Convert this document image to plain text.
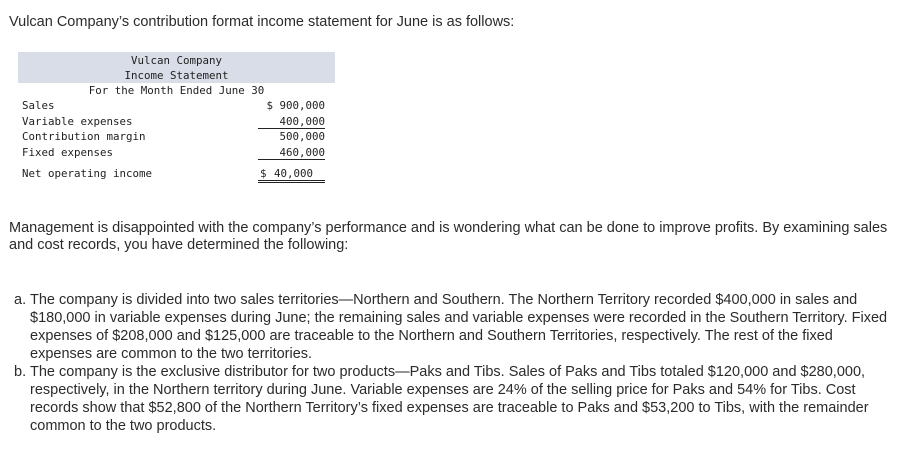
Vulcan Company’s contribution format income statement for June is as follows:
Vulcan Company
Income Statement
For the Month Ended June 30
Sales	$ 900,000
Variable expenses	400,000
Contribution margin	500,000
Fixed expenses	460,000
Net operating income	$ 40,000
Management is disappointed with the company’s performance and is wondering what can be done to improve profits. By examining sales and cost records, you have determined the following:
a. The company is divided into two sales territories—Northern and Southern. The Northern Territory recorded $400,000 in sales and $180,000 in variable expenses during June; the remaining sales and variable expenses were recorded in the Southern Territory. Fixed expenses of $208,000 and $125,000 are traceable to the Northern and Southern Territories, respectively. The rest of the fixed expenses are common to the two territories.
b. The company is the exclusive distributor for two products—Paks and Tibs. Sales of Paks and Tibs totaled $120,000 and $280,000, respectively, in the Northern territory during June. Variable expenses are 24% of the selling price for Paks and 54% for Tibs. Cost records show that $52,800 of the Northern Territory’s fixed expenses are traceable to Paks and $53,200 to Tibs, with the remainder common to the two products.
